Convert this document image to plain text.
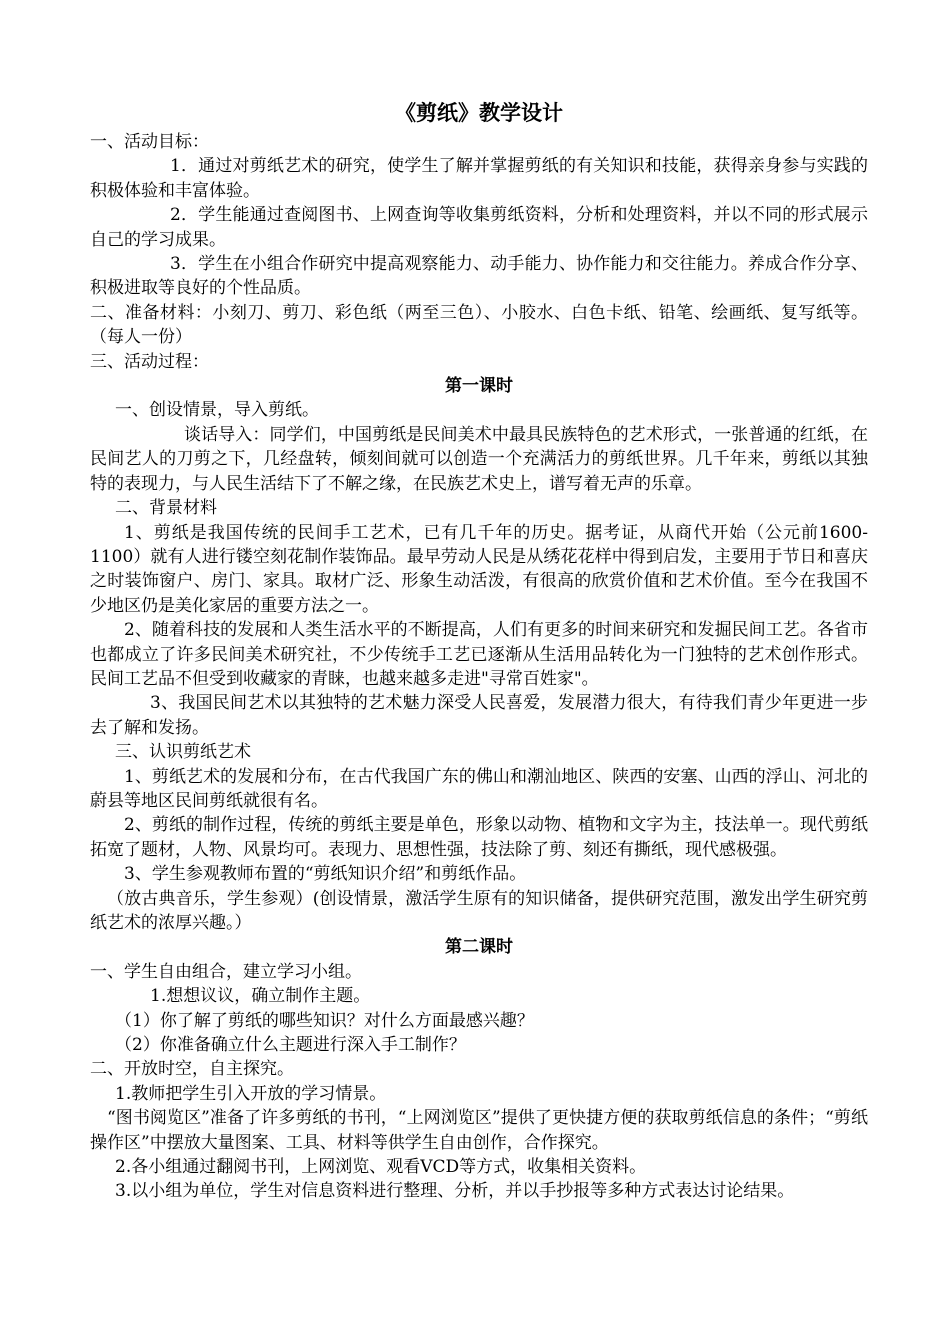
《剪纸》教学设计

一、活动目标：

1．通过对剪纸艺术的研究，使学生了解并掌握剪纸的有关知识和技能，获得亲身参与实践的积极体验和丰富体验。

2．学生能通过查阅图书、上网查询等收集剪纸资料，分析和处理资料，并以不同的形式展示自己的学习成果。

3．学生在小组合作研究中提高观察能力、动手能力、协作能力和交往能力。养成合作分享、积极进取等良好的个性品质。

二、准备材料：小刻刀、剪刀、彩色纸（两至三色）、小胶水、白色卡纸、铅笔、绘画纸、复写纸等。（每人一份）

三、活动过程：

第一课时

一、创设情景，导入剪纸。

谈话导入：同学们，中国剪纸是民间美术中最具民族特色的艺术形式，一张普通的红纸，在民间艺人的刀剪之下，几经盘转，倾刻间就可以创造一个充满活力的剪纸世界。几千年来，剪纸以其独特的表现力，与人民生活结下了不解之缘，在民族艺术史上，谱写着无声的乐章。

二、背景材料

1、剪纸是我国传统的民间手工艺术，已有几千年的历史。据考证，从商代开始（公元前1600-1100）就有人进行镂空刻花制作装饰品。最早劳动人民是从绣花花样中得到启发，主要用于节日和喜庆之时装饰窗户、房门、家具。取材广泛、形象生动活泼，有很高的欣赏价值和艺术价值。至今在我国不少地区仍是美化家居的重要方法之一。

2、随着科技的发展和人类生活水平的不断提高，人们有更多的时间来研究和发掘民间工艺。各省市也都成立了许多民间美术研究社，不少传统手工艺已逐渐从生活用品转化为一门独特的艺术创作形式。民间工艺品不但受到收藏家的青睐，也越来越多走进"寻常百姓家"。

3、我国民间艺术以其独特的艺术魅力深受人民喜爱，发展潜力很大，有待我们青少年更进一步去了解和发扬。

三、认识剪纸艺术

1、剪纸艺术的发展和分布，在古代我国广东的佛山和潮汕地区、陕西的安塞、山西的浮山、河北的蔚县等地区民间剪纸就很有名。

2、剪纸的制作过程，传统的剪纸主要是单色，形象以动物、植物和文字为主，技法单一。现代剪纸拓宽了题材，人物、风景均可。表现力、思想性强，技法除了剪、刻还有撕纸，现代感极强。

3、学生参观教师布置的“剪纸知识介绍”和剪纸作品。

（放古典音乐，学生参观）(创设情景，激活学生原有的知识储备，提供研究范围，激发出学生研究剪纸艺术的浓厚兴趣。）

第二课时

一、学生自由组合，建立学习小组。

1.想想议议，确立制作主题。

（1）你了解了剪纸的哪些知识？对什么方面最感兴趣？

（2）你准备确立什么主题进行深入手工制作？

二、开放时空，自主探究。

1.教师把学生引入开放的学习情景。

“图书阅览区”准备了许多剪纸的书刊，“上网浏览区”提供了更快捷方便的获取剪纸信息的条件；“剪纸操作区”中摆放大量图案、工具、材料等供学生自由创作，合作探究。

2.各小组通过翻阅书刊，上网浏览、观看VCD等方式，收集相关资料。

3.以小组为单位，学生对信息资料进行整理、分析，并以手抄报等多种方式表达讨论结果。
